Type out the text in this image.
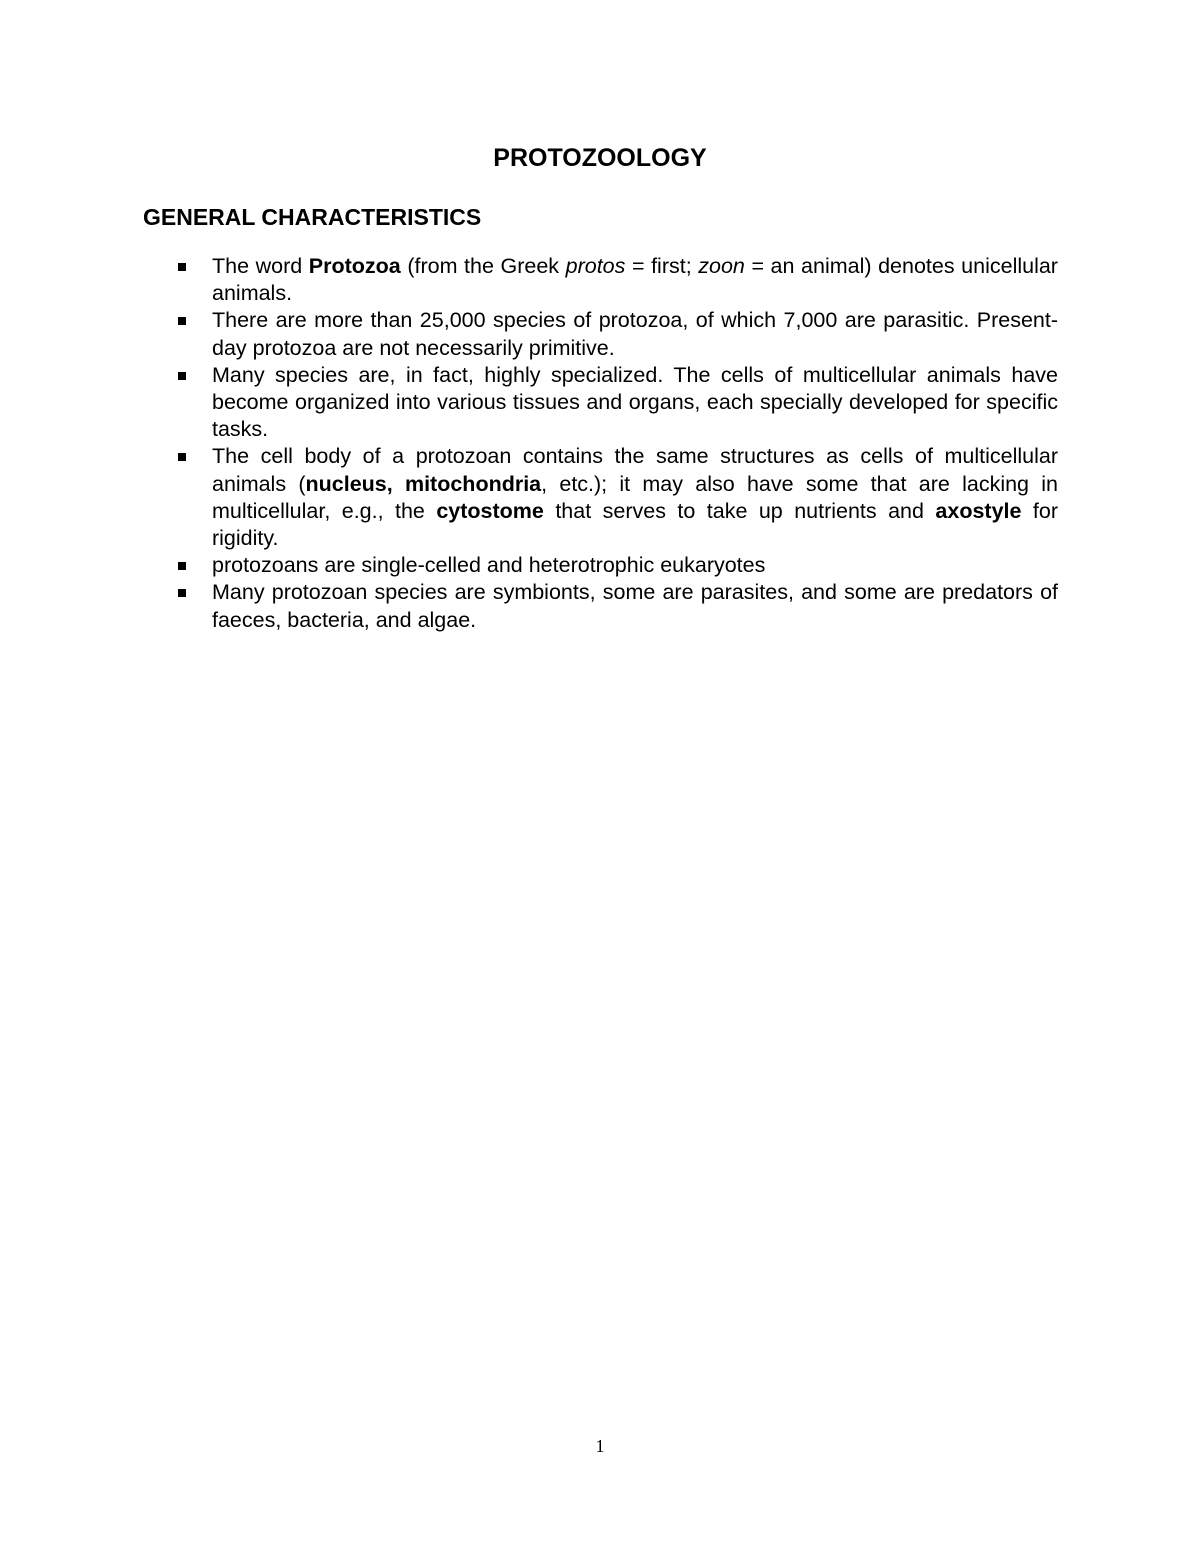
PROTOZOOLOGY
GENERAL CHARACTERISTICS
The word Protozoa (from the Greek protos = first; zoon = an animal) denotes unicellular animals.
There are more than 25,000 species of protozoa, of which 7,000 are parasitic. Present-day protozoa are not necessarily primitive.
Many species are, in fact, highly specialized. The cells of multicellular animals have become organized into various tissues and organs, each specially developed for specific tasks.
The cell body of a protozoan contains the same structures as cells of multicellular animals (nucleus, mitochondria, etc.); it may also have some that are lacking in multicellular, e.g., the cytostome that serves to take up nutrients and axostyle for rigidity.
protozoans are single-celled and heterotrophic eukaryotes
Many protozoan species are symbionts, some are parasites, and some are predators of faeces, bacteria, and algae.
1
